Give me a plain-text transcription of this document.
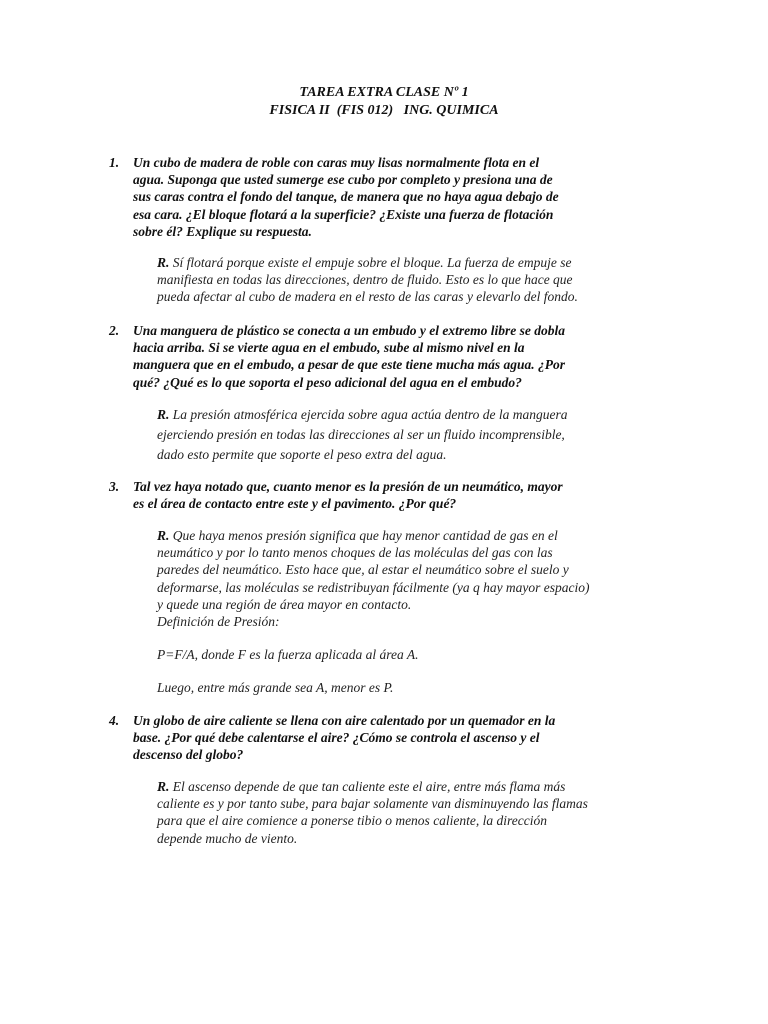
TAREA EXTRA CLASE Nº 1
FISICA II  (FIS 012)   ING. QUIMICA
1. Un cubo de madera de roble con caras muy lisas normalmente flota en el
agua. Suponga que usted sumerge ese cubo por completo y presiona una de
sus caras contra el fondo del tanque, de manera que no haya agua debajo de
esa cara. ¿El bloque flotará a la superficie? ¿Existe una fuerza de flotación
sobre él? Explique su respuesta.
R. Sí flotará porque existe el empuje sobre el bloque. La fuerza de empuje se
manifiesta en todas las direcciones, dentro de fluido. Esto es lo que hace que
pueda afectar al cubo de madera en el resto de las caras y elevarlo del fondo.
2. Una manguera de plástico se conecta a un embudo y el extremo libre se dobla
hacia arriba. Si se vierte agua en el embudo, sube al mismo nivel en la
manguera que en el embudo, a pesar de que este tiene mucha más agua. ¿Por
qué? ¿Qué es lo que soporta el peso adicional del agua en el embudo?
R. La presión atmosférica ejercida sobre agua actúa dentro de la manguera
ejerciendo presión en todas las direcciones al ser un fluido incomprensible,
dado esto permite que soporte el peso extra del agua.
3. Tal vez haya notado que, cuanto menor es la presión de un neumático, mayor
es el área de contacto entre este y el pavimento. ¿Por qué?
R. Que haya menos presión significa que hay menor cantidad de gas en el
neumático y por lo tanto menos choques de las moléculas del gas con las
paredes del neumático. Esto hace que, al estar el neumático sobre el suelo y
deformarse, las moléculas se redistribuyan fácilmente (ya q hay mayor espacio)
y quede una región de área mayor en contacto.
Definición de Presión:
P=F/A, donde F es la fuerza aplicada al área A.
Luego, entre más grande sea A, menor es P.
4. Un globo de aire caliente se llena con aire calentado por un quemador en la
base. ¿Por qué debe calentarse el aire? ¿Cómo se controla el ascenso y el
descenso del globo?
R. El ascenso depende de que tan caliente este el aire, entre más flama más
caliente es y por tanto sube, para bajar solamente van disminuyendo las flamas
para que el aire comience a ponerse tibio o menos caliente, la dirección
depende mucho de viento.
